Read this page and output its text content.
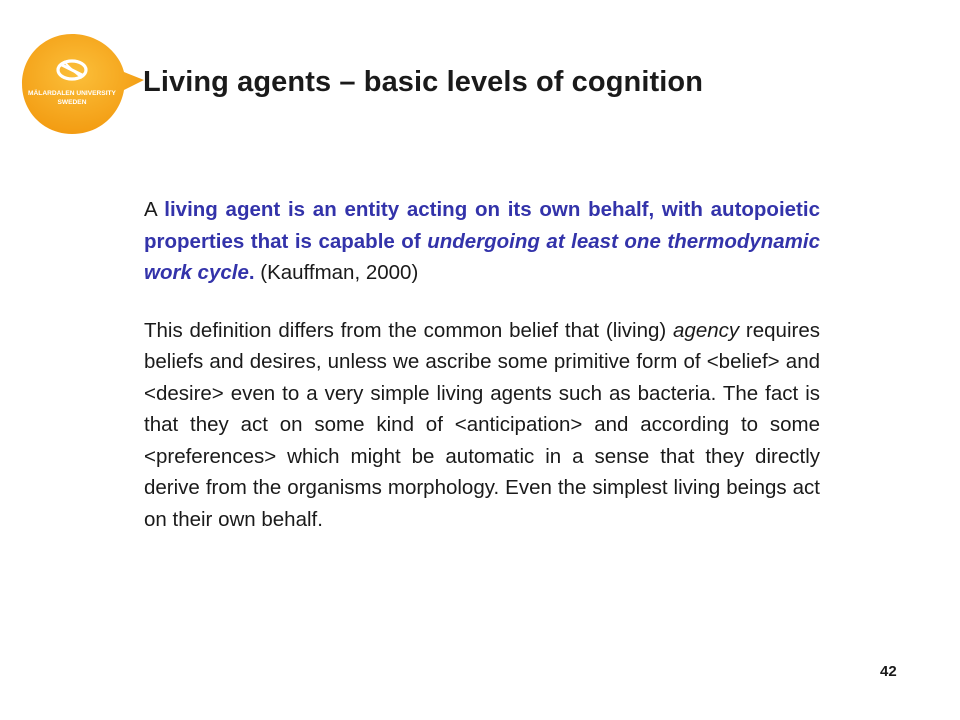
MÄLARDALEN UNIVERSITY
SWEDEN
Living agents – basic levels of cognition

A living agent is an entity acting on its own behalf, with autopoietic properties that is capable of undergoing at least one thermodynamic work cycle. (Kauffman, 2000)

This definition differs from the common belief that (living) agency requires beliefs and desires, unless we ascribe some primitive form of <belief> and <desire> even to a very simple living agents such as bacteria. The fact is that they act on some kind of <anticipation> and according to some <preferences> which might be automatic in a sense that they directly derive from the organisms morphology. Even the simplest living beings act on their own behalf.

42
